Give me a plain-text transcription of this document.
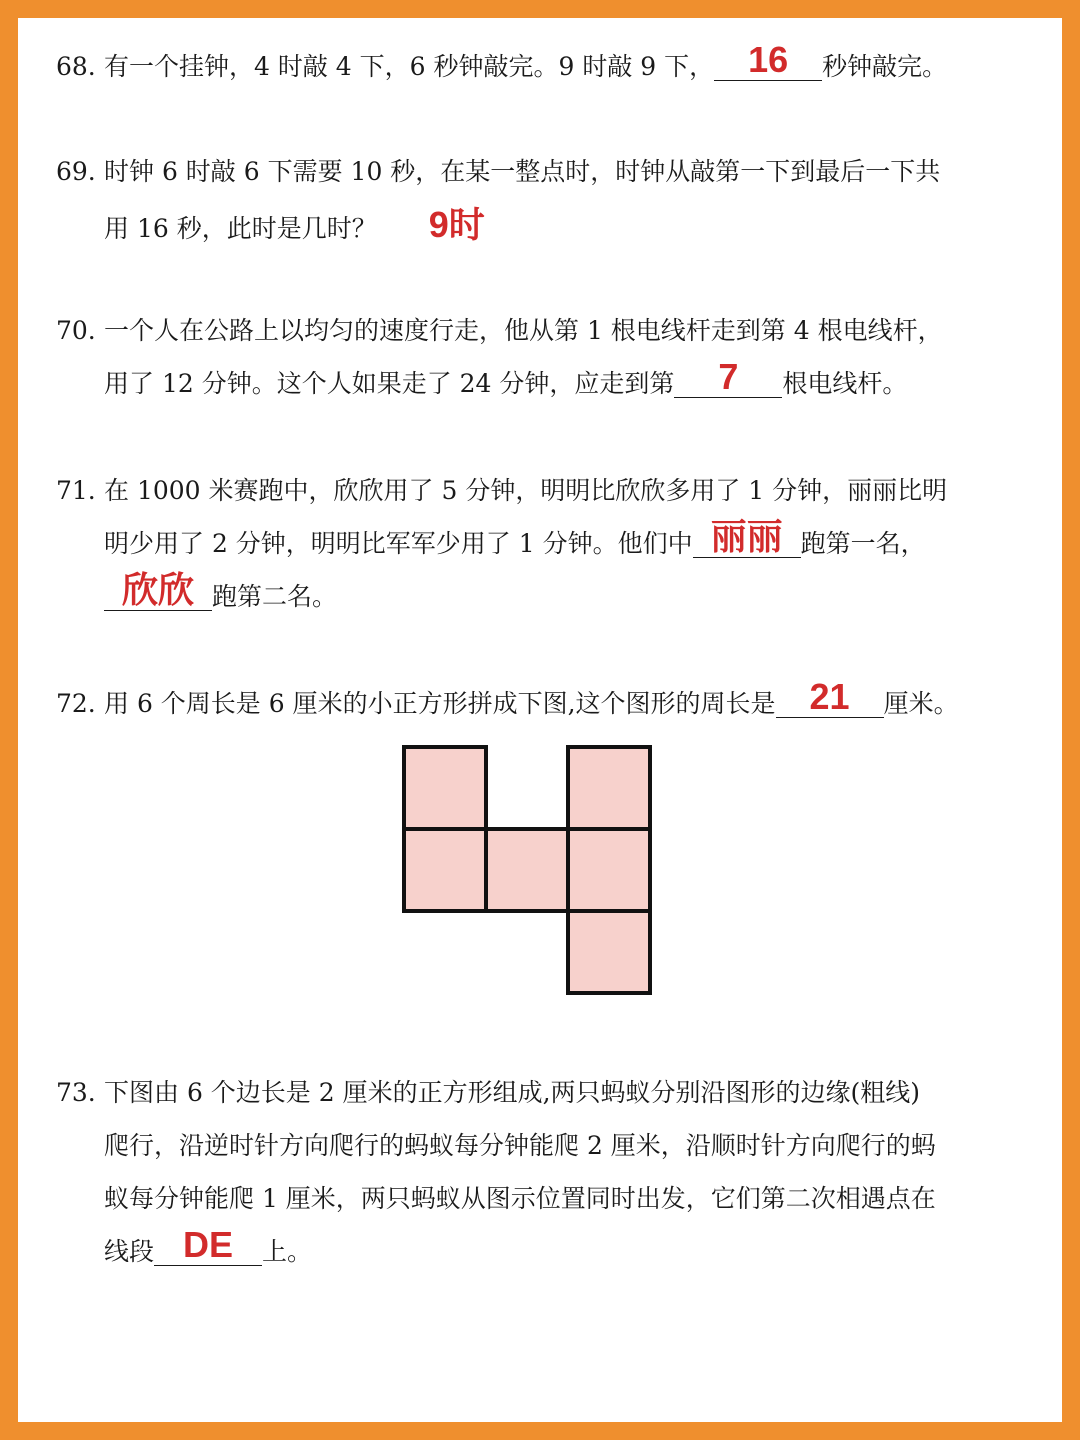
68. 有一个挂钟，4 时敲 4 下，6 秒钟敲完。9 时敲 9 下， 16	秒钟敲完。
69. 时钟 6 时敲 6 下需要 10 秒，在某一整点时，时钟从敲第一下到最后一下共
用 16 秒，此时是几时？ 9时
70. 一个人在公路上以均匀的速度行走，他从第 1 根电线杆走到第 4 根电线杆，
用了 12 分钟。这个人如果走了 24 分钟，应走到第	7	根电线杆。
71. 在 1000 米赛跑中，欣欣用了 5 分钟，明明比欣欣多用了 1 分钟，丽丽比明
明少用了 2 分钟，明明比军军少用了 1 分钟。他们中 丽丽 跑第一名，
欣欣 跑第二名。
72. 用 6 个周长是 6 厘米的小正方形拼成下图,这个图形的周长是 21	厘米。
73. 下图由 6 个边长是 2 厘米的正方形组成,两只蚂蚁分别沿图形的边缘(粗线)
爬行，沿逆时针方向爬行的蚂蚁每分钟能爬 2 厘米，沿顺时针方向爬行的蚂
蚁每分钟能爬 1 厘米，两只蚂蚁从图示位置同时出发，它们第二次相遇点在
线段 DE	上。
